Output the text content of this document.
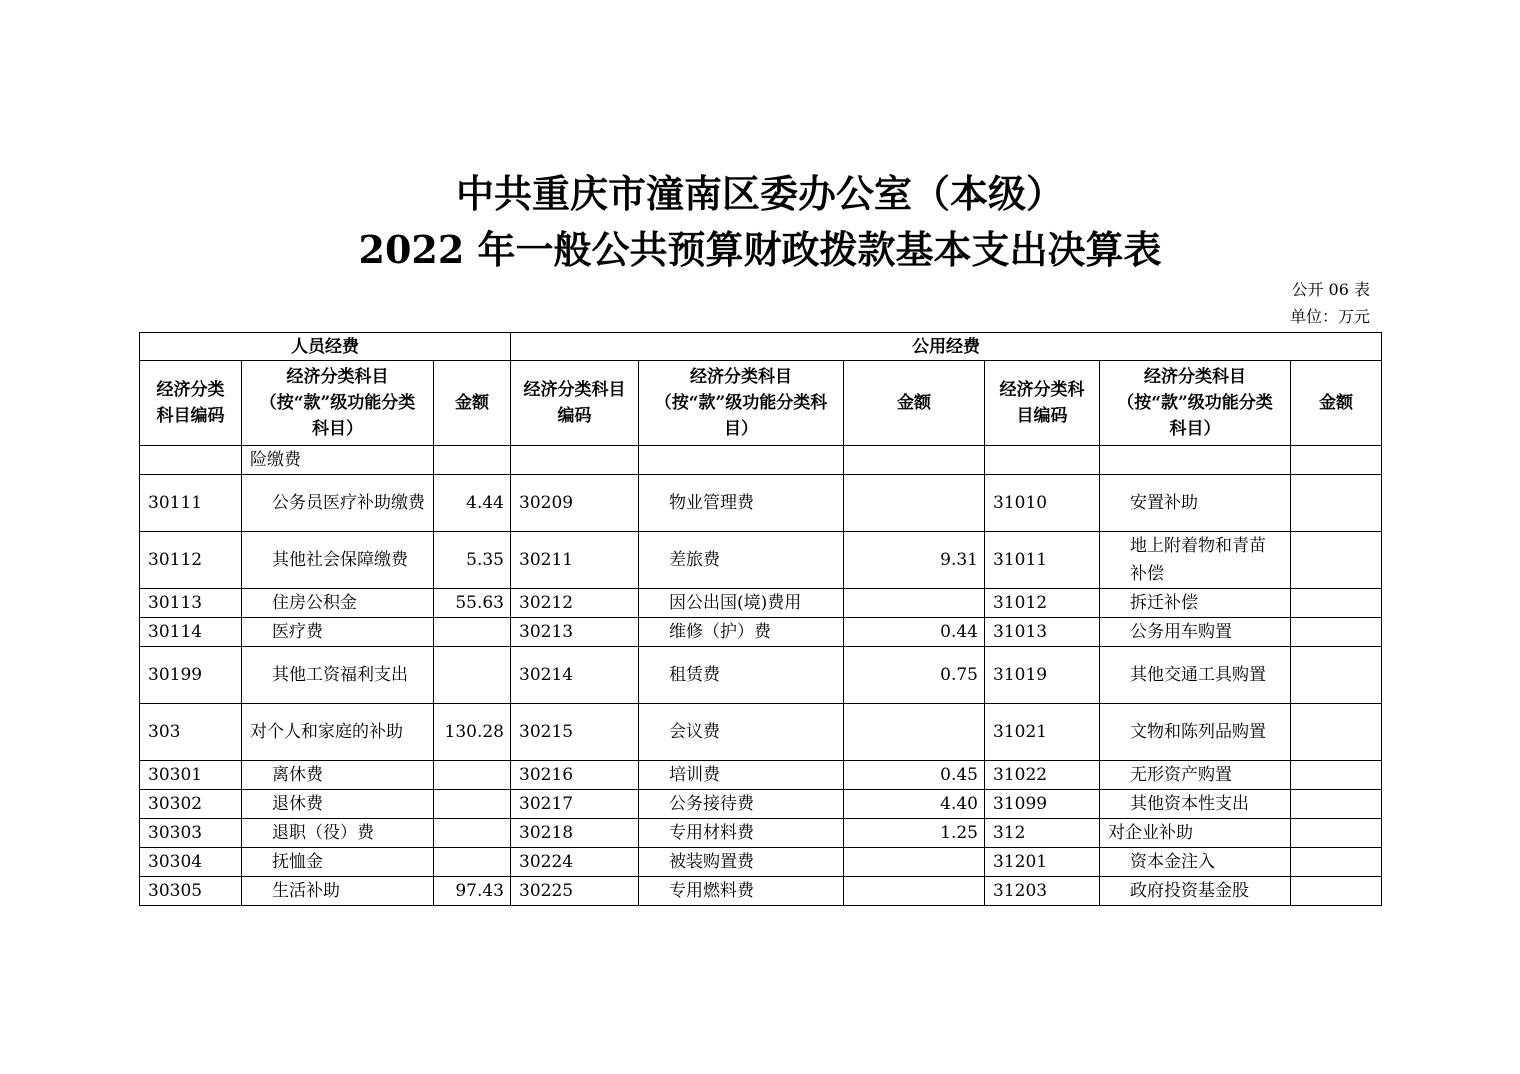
中共重庆市潼南区委办公室（本级）
2022 年一般公共预算财政拨款基本支出决算表
公开 06 表
单位：万元
人员经费			公用经费					
经济分类科目编码	经济分类科目（按“款”级功能分类科目）	金额	经济分类科目编码	经济分类科目（按“款”级功能分类科目）	金额	经济分类科目编码	经济分类科目（按“款”级功能分类科目）	金额
	险缴费							
30111	公务员医疗补助缴费	4.44	30209	物业管理费		31010	安置补助	
30112	其他社会保障缴费	5.35	30211	差旅费	9.31	31011	地上附着物和青苗补偿	
30113	住房公积金	55.63	30212	因公出国(境)费用		31012	拆迁补偿	
30114	医疗费		30213	维修（护）费	0.44	31013	公务用车购置	
30199	其他工资福利支出		30214	租赁费	0.75	31019	其他交通工具购置	
303	对个人和家庭的补助	130.28	30215	会议费		31021	文物和陈列品购置	
30301	离休费		30216	培训费	0.45	31022	无形资产购置	
30302	退休费		30217	公务接待费	4.40	31099	其他资本性支出	
30303	退职（役）费		30218	专用材料费	1.25	312	对企业补助	
30304	抚恤金		30224	被装购置费		31201	资本金注入	
30305	生活补助	97.43	30225	专用燃料费		31203	政府投资基金股	
